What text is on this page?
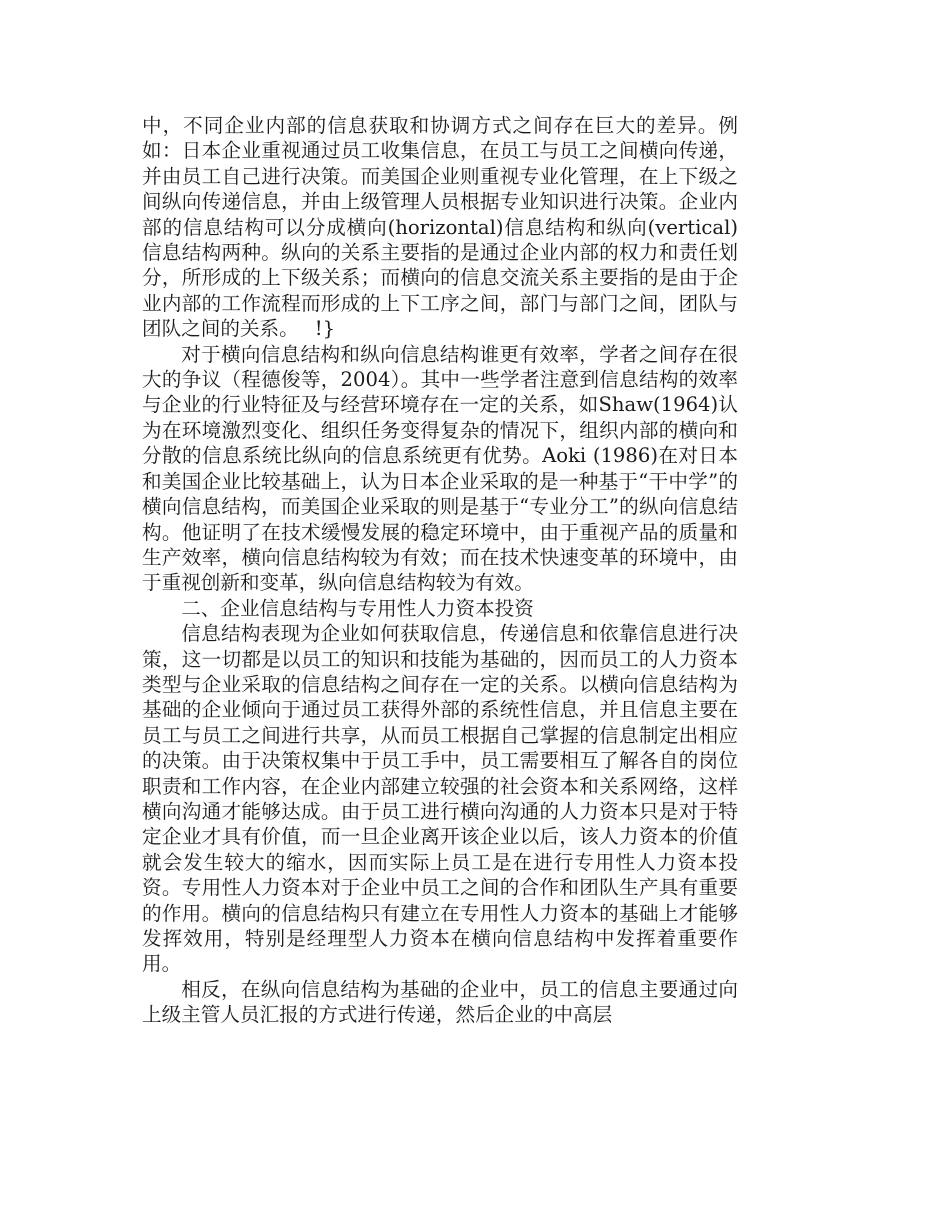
中，不同企业内部的信息获取和协调方式之间存在巨大的差异。例如：日本企业重视通过员工收集信息，在员工与员工之间横向传递，并由员工自己进行决策。而美国企业则重视专业化管理，在上下级之间纵向传递信息，并由上级管理人员根据专业知识进行决策。企业内部的信息结构可以分成横向(horizontal)信息结构和纵向(vertical)信息结构两种。纵向的关系主要指的是通过企业内部的权力和责任划分，所形成的上下级关系；而横向的信息交流关系主要指的是由于企业内部的工作流程而形成的上下工序之间，部门与部门之间，团队与团队之间的关系。　 !}

对于横向信息结构和纵向信息结构谁更有效率，学者之间存在很大的争议（程德俊等，2004）。其中一些学者注意到信息结构的效率与企业的行业特征及与经营环境存在一定的关系，如Shaw(1964)认为在环境激烈变化、组织任务变得复杂的情况下，组织内部的横向和分散的信息系统比纵向的信息系统更有优势。Aoki (1986)在对日本和美国企业比较基础上，认为日本企业采取的是一种基于“干中学”的横向信息结构，而美国企业采取的则是基于“专业分工”的纵向信息结构。他证明了在技术缓慢发展的稳定环境中，由于重视产品的质量和生产效率，横向信息结构较为有效；而在技术快速变革的环境中，由于重视创新和变革，纵向信息结构较为有效。

二、企业信息结构与专用性人力资本投资

信息结构表现为企业如何获取信息，传递信息和依靠信息进行决策，这一切都是以员工的知识和技能为基础的，因而员工的人力资本类型与企业采取的信息结构之间存在一定的关系。以横向信息结构为基础的企业倾向于通过员工获得外部的系统性信息，并且信息主要在员工与员工之间进行共享，从而员工根据自己掌握的信息制定出相应的决策。由于决策权集中于员工手中，员工需要相互了解各自的岗位职责和工作内容，在企业内部建立较强的社会资本和关系网络，这样横向沟通才能够达成。由于员工进行横向沟通的人力资本只是对于特定企业才具有价值，而一旦企业离开该企业以后，该人力资本的价值就会发生较大的缩水，因而实际上员工是在进行专用性人力资本投资。专用性人力资本对于企业中员工之间的合作和团队生产具有重要的作用。横向的信息结构只有建立在专用性人力资本的基础上才能够发挥效用，特别是经理型人力资本在横向信息结构中发挥着重要作用。

相反，在纵向信息结构为基础的企业中，员工的信息主要通过向上级主管人员汇报的方式进行传递，然后企业的中高层
